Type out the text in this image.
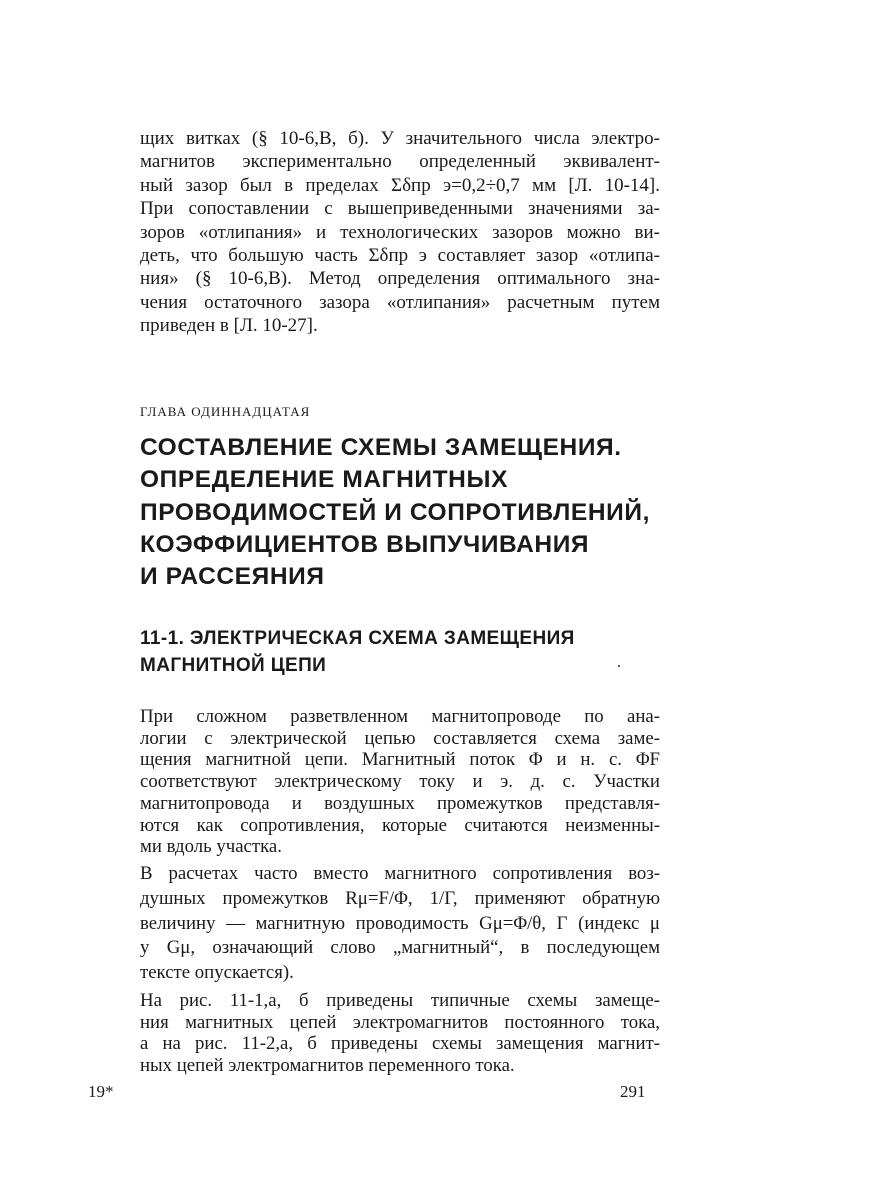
щих витках (§ 10-6,В, б). У значительного числа электро-
магнитов экспериментально определенный эквивалент-
ный зазор был в пределах Σδпр э=0,2÷0,7 мм [Л. 10-14].
При сопоставлении с вышеприведенными значениями за-
зоров «отлипания» и технологических зазоров можно ви-
деть, что большую часть Σδпр э составляет зазор «отлипа-
ния» (§ 10-6,В). Метод определения оптимального зна-
чения остаточного зазора «отлипания» расчетным путем
приведен в [Л. 10-27].
ГЛАВА ОДИННАДЦАТАЯ
СОСТАВЛЕНИЕ СХЕМЫ ЗАМЕЩЕНИЯ.
ОПРЕДЕЛЕНИЕ МАГНИТНЫХ
ПРОВОДИМОСТЕЙ И СОПРОТИВЛЕНИЙ,
КОЭФФИЦИЕНТОВ ВЫПУЧИВАНИЯ
И РАССЕЯНИЯ
11-1. ЭЛЕКТРИЧЕСКАЯ СХЕМА ЗАМЕЩЕНИЯ
МАГНИТНОЙ ЦЕПИ	.
При сложном разветвленном магнитопроводе по ана-
логии с электрической цепью составляется схема заме-
щения магнитной цепи. Магнитный поток Φ и н. с. ΦF
соответствуют электрическому току и э. д. с. Участки
магнитопровода и воздушных промежутков представля-
ются как сопротивления, которые считаются неизменны-
ми вдоль участка.
В расчетах часто вместо магнитного сопротивления воз-
душных промежутков Rμ=F/Φ, 1/Г, применяют обратную
величину — магнитную проводимость Gμ=Φ/θ, Г (индекс μ
у Gμ, означающий слово „магнитный“, в последующем
тексте опускается).
На рис. 11-1,а, б приведены типичные схемы замеще-
ния магнитных цепей электромагнитов постоянного тока,
а на рис. 11-2,а, б приведены схемы замещения магнит-
ных цепей электромагнитов переменного тока.
19*	291
